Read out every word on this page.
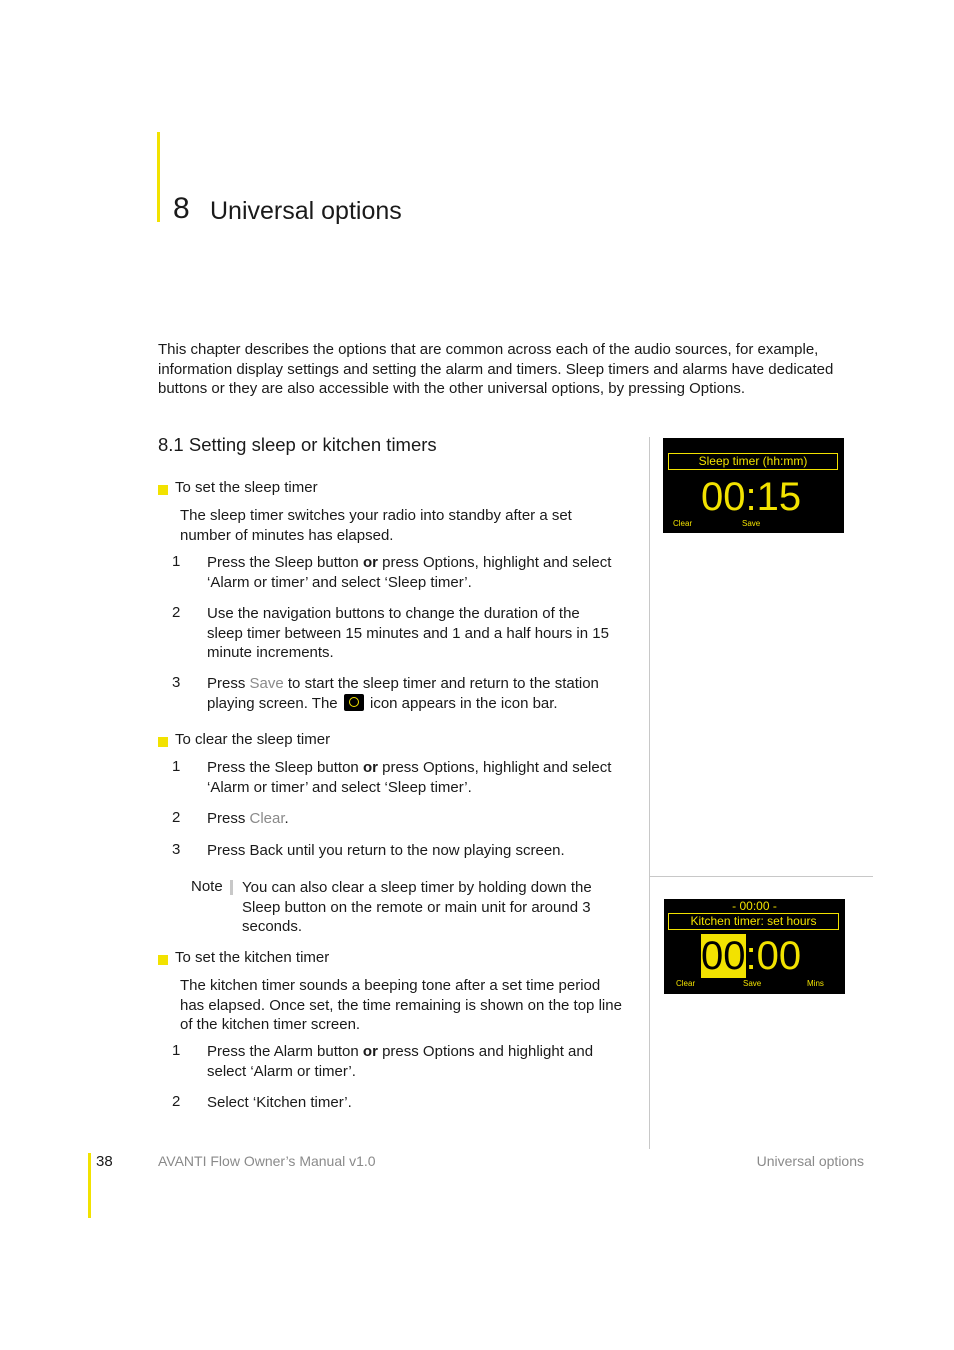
8 Universal options
This chapter describes the options that are common across each of the audio sources, for example, information display settings and setting the alarm and timers. Sleep timers and alarms have dedicated buttons or they are also accessible with the other universal options, by pressing Options.
8.1 Setting sleep or kitchen timers
To set the sleep timer
The sleep timer switches your radio into standby after a set number of minutes has elapsed.
1 Press the Sleep button or press Options, highlight and select ‘Alarm or timer’ and select ‘Sleep timer’.
2 Use the navigation buttons to change the duration of the sleep timer between 15 minutes and 1 and a half hours in 15 minute increments.
3 Press Save to start the sleep timer and return to the station playing screen. The  icon appears in the icon bar.
To clear the sleep timer
1 Press the Sleep button or press Options, highlight and select ‘Alarm or timer’ and select ‘Sleep timer’.
2 Press Clear.
3 Press Back until you return to the now playing screen.
Note You can also clear a sleep timer by holding down the Sleep button on the remote or main unit for around 3 seconds.
To set the kitchen timer
The kitchen timer sounds a beeping tone after a set time period has elapsed. Once set, the time remaining is shown on the top line of the kitchen timer screen.
1 Press the Alarm button or press Options and highlight and select ‘Alarm or timer’.
2 Select ‘Kitchen timer’.
Sleep timer (hh:mm)
00:15
Clear	Save
- 00:00 -
Kitchen timer: set hours
00:00
Clear	Save	Mins
38	AVANTI Flow Owner’s Manual v1.0	Universal options
